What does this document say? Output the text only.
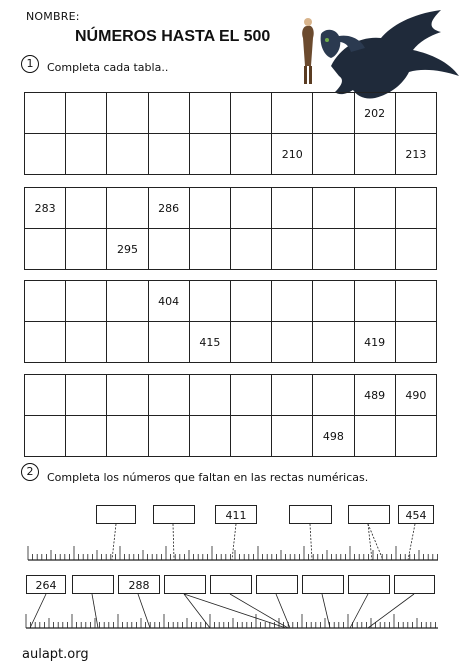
NOMBRE:
NÚMEROS HASTA EL 500
1	Completa cada tabla..
								202	
						210			213
283			286						
		295							
			404						
				415				419	
								489	490
							498		
2	Completa los números que faltan en las rectas numéricas.
411	454
264	288
aulapt.org
